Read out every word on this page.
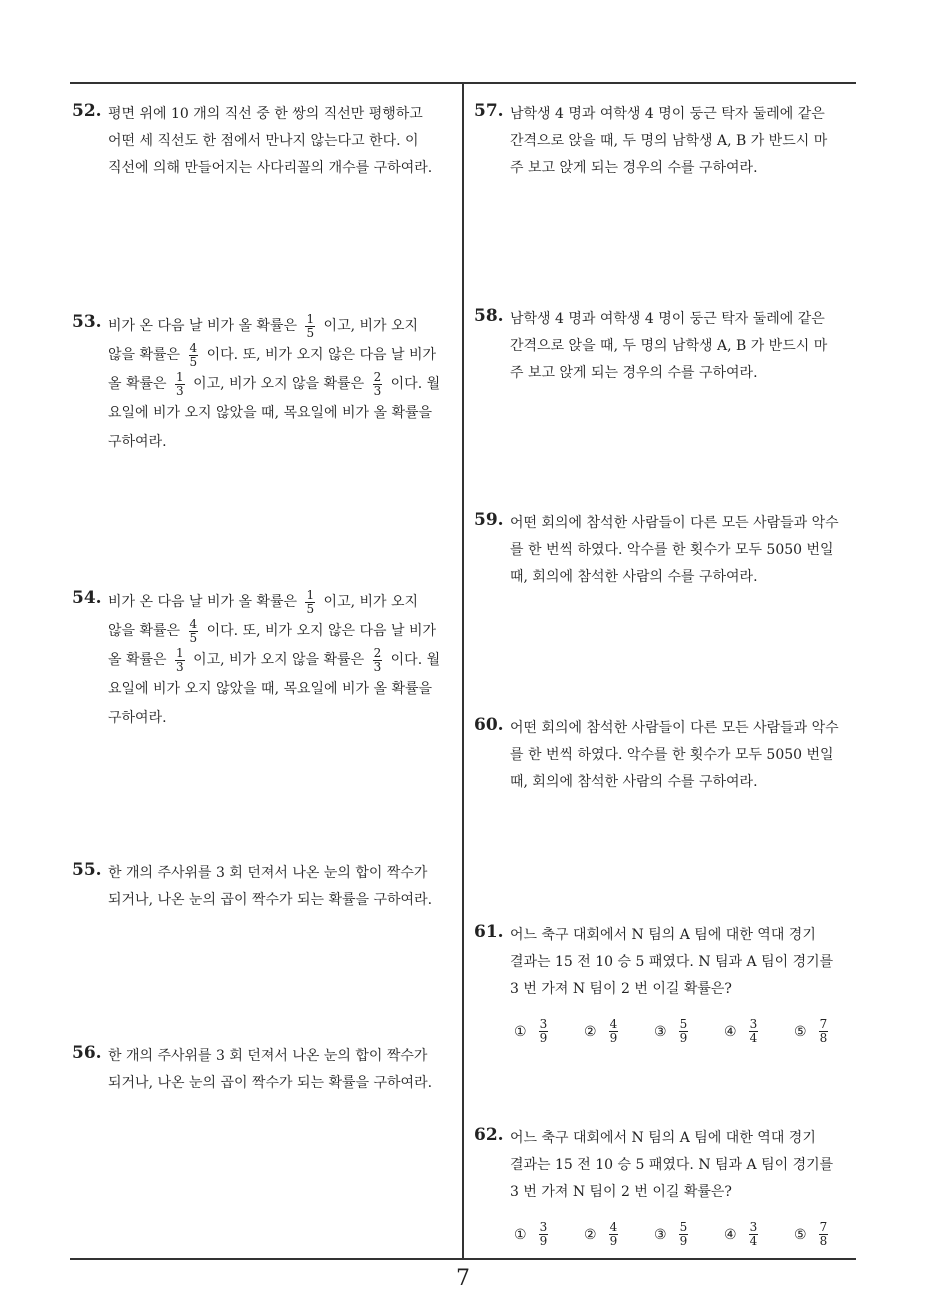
52. 평면 위에 10 개의 직선 중 한 쌍의 직선만 평행하고
어떤 세 직선도 한 점에서 만나지 않는다고 한다. 이
직선에 의해 만들어지는 사다리꼴의 개수를 구하여라.
53. 비가 온 다음 날 비가 올 확률은 $\frac{1}{5}$ 이고, 비가 오지
않을 확률은 $\frac{4}{5}$ 이다. 또, 비가 오지 않은 다음 날 비가
올 확률은 $\frac{1}{3}$ 이고, 비가 오지 않을 확률은 $\frac{2}{3}$ 이다. 월
요일에 비가 오지 않았을 때, 목요일에 비가 올 확률을
구하여라.
54. 비가 온 다음 날 비가 올 확률은 $\frac{1}{5}$ 이고, 비가 오지
않을 확률은 $\frac{4}{5}$ 이다. 또, 비가 오지 않은 다음 날 비가
올 확률은 $\frac{1}{3}$ 이고, 비가 오지 않을 확률은 $\frac{2}{3}$ 이다. 월
요일에 비가 오지 않았을 때, 목요일에 비가 올 확률을
구하여라.
55. 한 개의 주사위를 3 회 던져서 나온 눈의 합이 짝수가
되거나, 나온 눈의 곱이 짝수가 되는 확률을 구하여라.
56. 한 개의 주사위를 3 회 던져서 나온 눈의 합이 짝수가
되거나, 나온 눈의 곱이 짝수가 되는 확률을 구하여라.
57. 남학생 4 명과 여학생 4 명이 둥근 탁자 둘레에 같은
간격으로 앉을 때, 두 명의 남학생 A, B 가 반드시 마
주 보고 앉게 되는 경우의 수를 구하여라.
58. 남학생 4 명과 여학생 4 명이 둥근 탁자 둘레에 같은
간격으로 앉을 때, 두 명의 남학생 A, B 가 반드시 마
주 보고 앉게 되는 경우의 수를 구하여라.
59. 어떤 회의에 참석한 사람들이 다른 모든 사람들과 악수
를 한 번씩 하였다. 악수를 한 횟수가 모두 5050 번일
때, 회의에 참석한 사람의 수를 구하여라.
60. 어떤 회의에 참석한 사람들이 다른 모든 사람들과 악수
를 한 번씩 하였다. 악수를 한 횟수가 모두 5050 번일
때, 회의에 참석한 사람의 수를 구하여라.
61. 어느 축구 대회에서 N 팀의 A 팀에 대한 역대 경기
결과는 15 전 10 승 5 패였다. N 팀과 A 팀이 경기를
3 번 가져 N 팀이 2 번 이길 확률은?
① $\frac{3}{9}$	② $\frac{4}{9}$	③ $\frac{5}{9}$	④ $\frac{3}{4}$	⑤ $\frac{7}{8}$
62. 어느 축구 대회에서 N 팀의 A 팀에 대한 역대 경기
결과는 15 전 10 승 5 패였다. N 팀과 A 팀이 경기를
3 번 가져 N 팀이 2 번 이길 확률은?
① $\frac{3}{9}$	② $\frac{4}{9}$	③ $\frac{5}{9}$	④ $\frac{3}{4}$	⑤ $\frac{7}{8}$
7
